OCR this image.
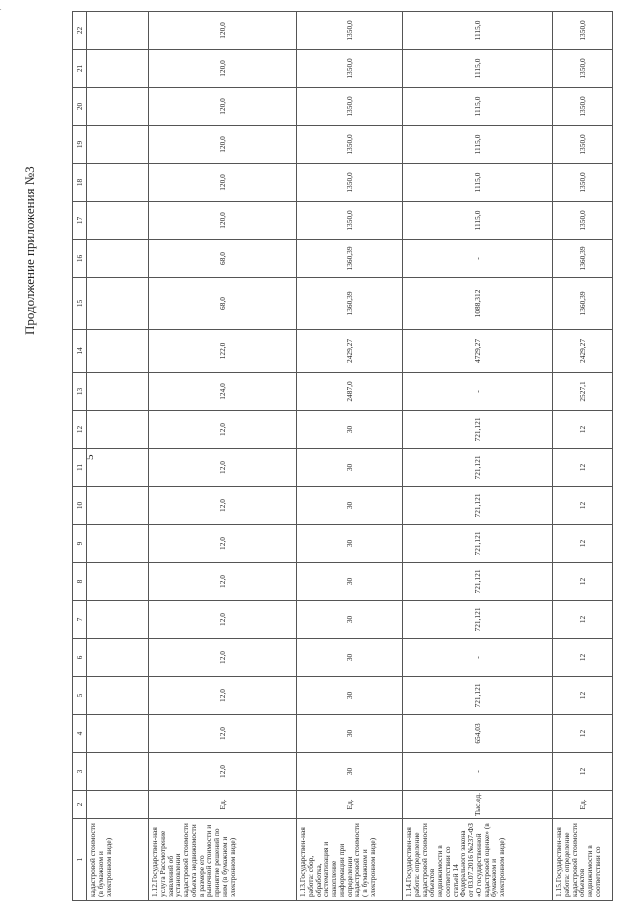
.
5
Продолжение приложения №3
1	2	3	4	5	6	7	8	9	10	11	12	13	14	15	16	17	18	19	20	21	22
кадастровой стоимости (в бумажном и электронном виде)																					
1.12.Государствен-ная услуга Рассмотрение заявлений об установлении кадастровой стоимости объекта недвижимости в размере его рыночной стоимости и принятие решений по ним (в бумажном и электронном виде)	Ед.	12,0	12,0	12,0	12,0	12,0	12,0	12,0	12,0	12,0	12,0	124,0	122,0	68,0	68,0	120,0	120,0	120,0	120,0	120,0	120,0
1.13.Государствен-ная работа: сбор, обработка, систематизация и накопление информации при определении кадастровой стоимости ( в бумажном и электронном виде)	Ед.	30	30	30	30	30	30	30	30	30	30	2487,0	2429,27	1360,39	1360,39	1350,0	1350,0	1350,0	1350,0	1350,0	1350,0
1.14.Государствен-ная работа: определение кадастровой стоимости объектов недвижимости в соответствии со статьей 14 Федерального закона от 03.07.2016 №237-ФЗ «О государственной кадастровой оценке» (в бумажном и электронном виде)	Тыс.ед.	-	654,03	721,121	-	721,121	721,121	721,121	721,121	721,121	721,121	-	4729,27	1088,312	-	1115,0	1115,0	1115,0	1115,0	1115,0	1115,0
1.15.Государствен-ная работа: определение кадастровой стоимости объектов недвижимости в соответствии со	Ед.	12	12	12	12	12	12	12	12	12	12	2527,1	2429,27	1360,39	1360,39	1350,0	1350,0	1350,0	1350,0	1350,0	1350,0
